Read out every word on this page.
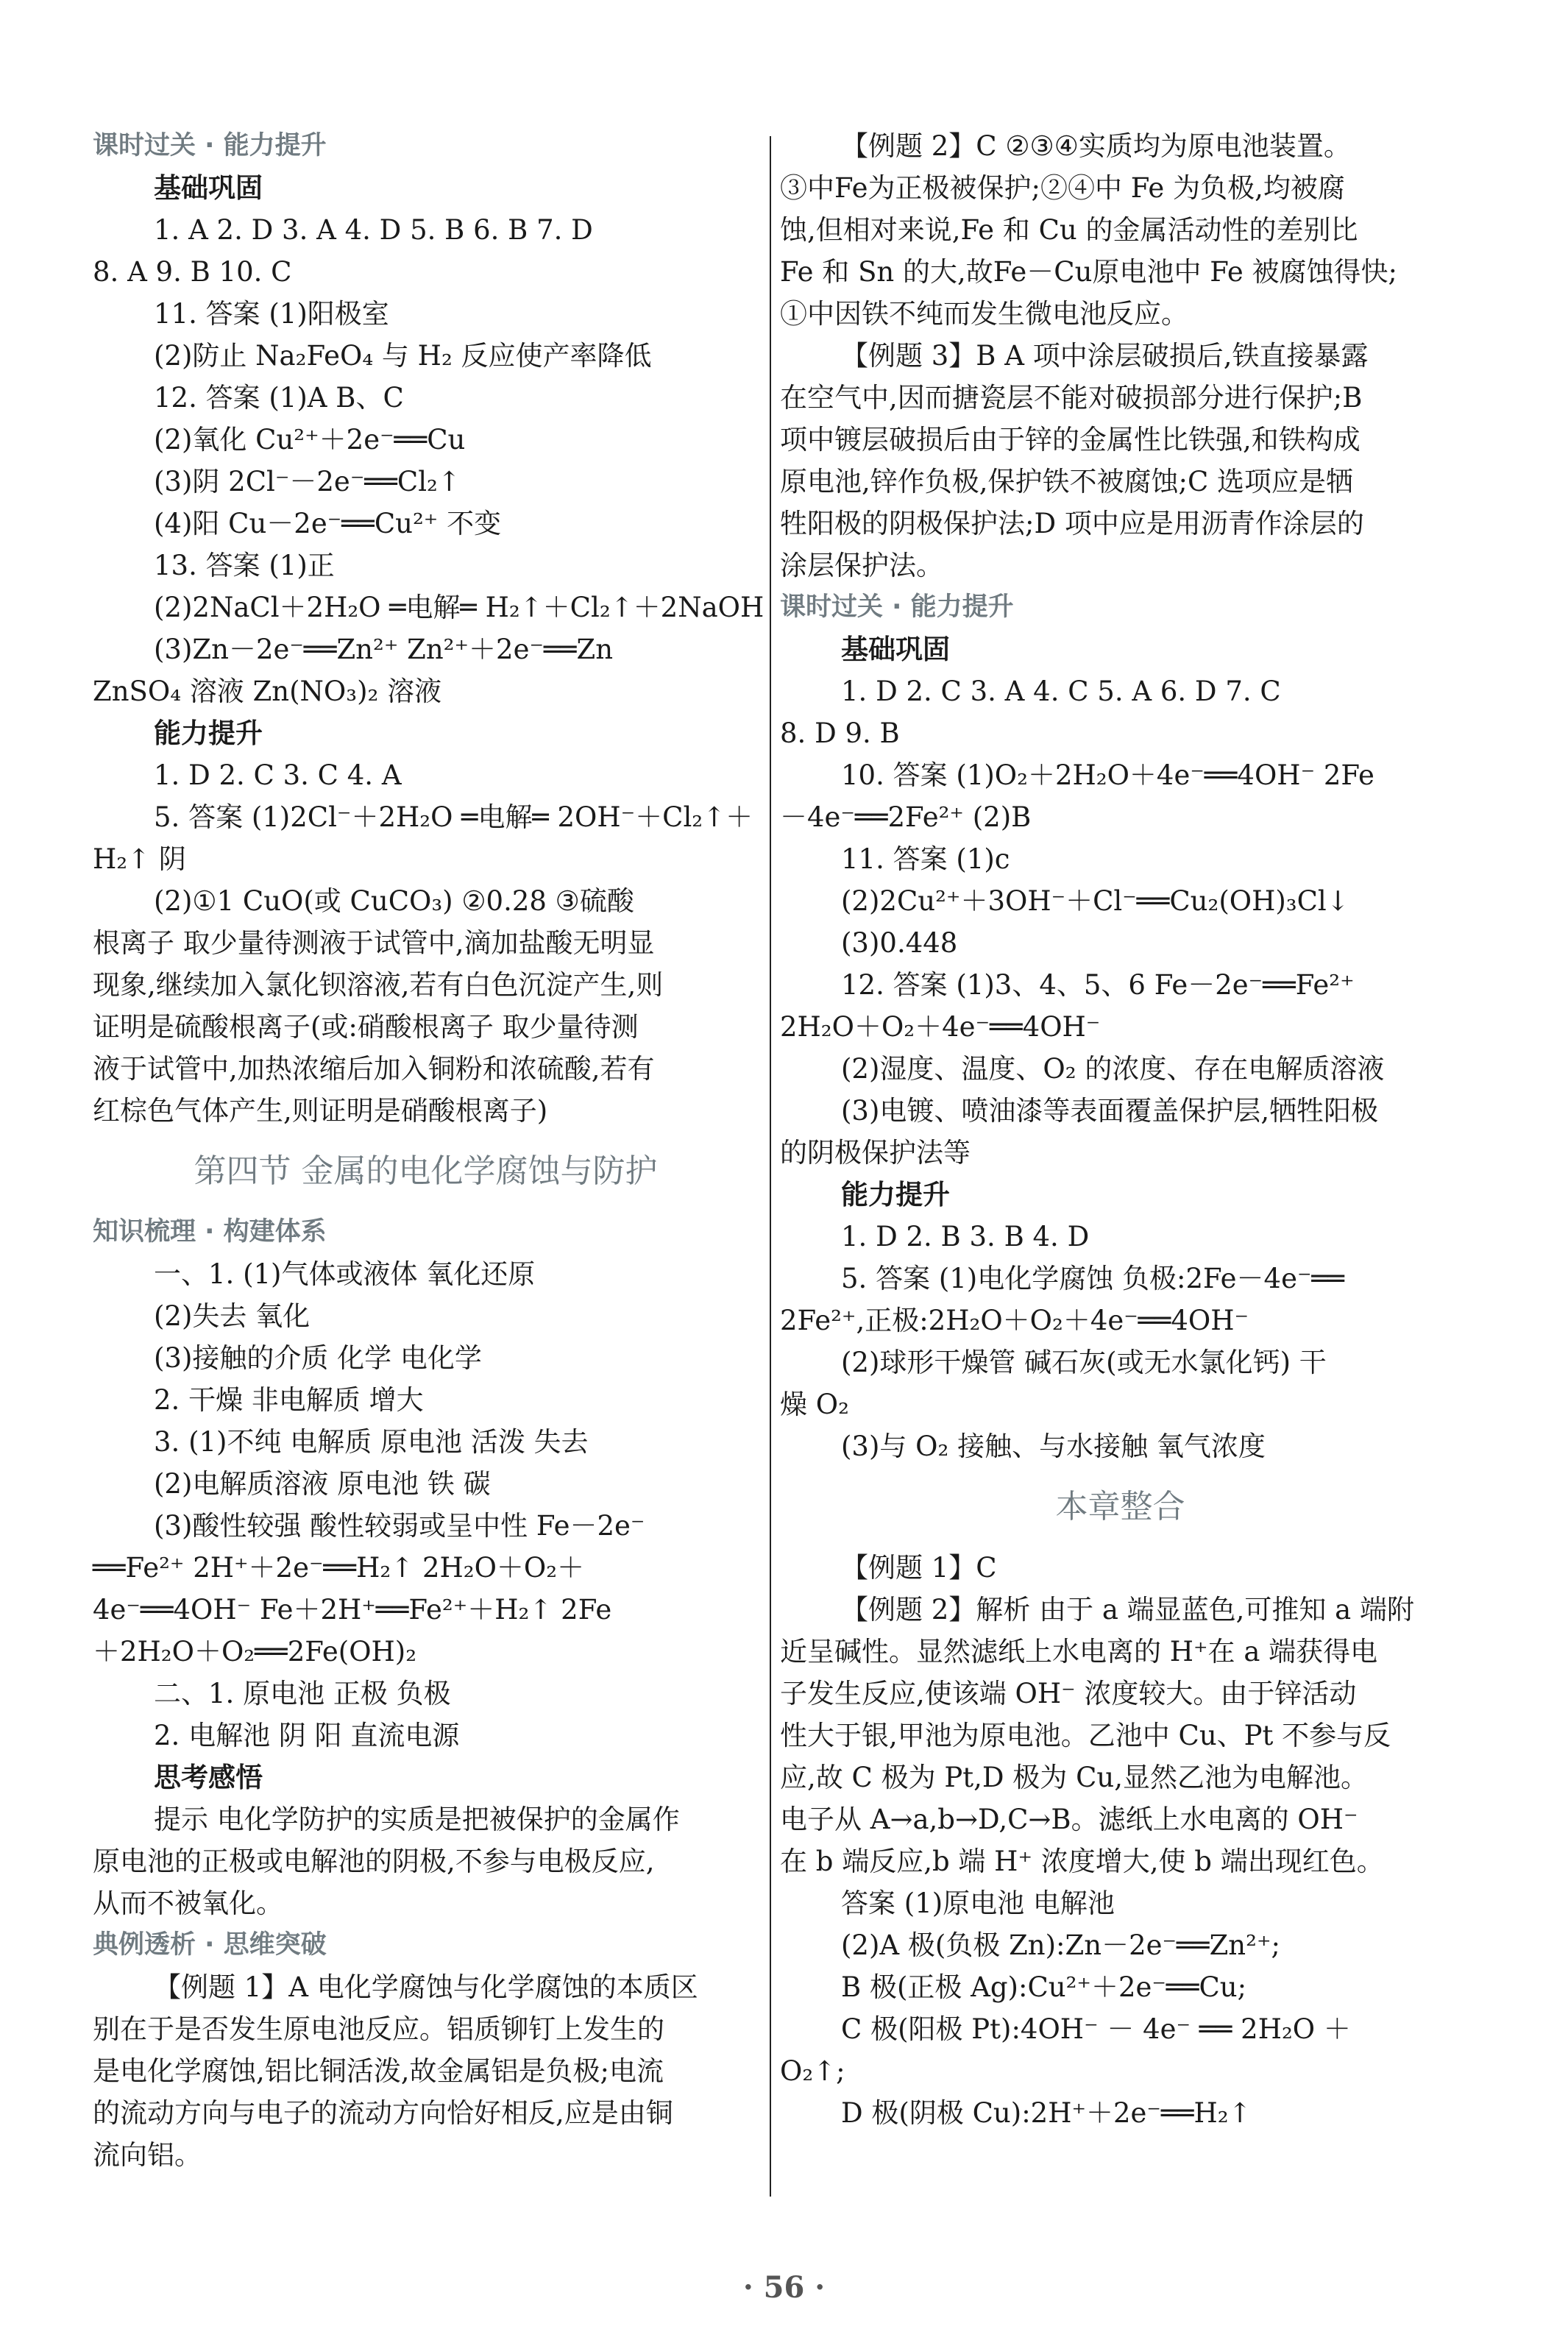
课时过关 · 能力提升
基础巩固
1. A 2. D 3. A 4. D 5. B 6. B 7. D
8. A 9. B 10. C
11. 答案 (1)阳极室
(2)防止 Na₂FeO₄ 与 H₂ 反应使产率降低
12. 答案 (1)A B、C
(2)氧化 Cu²⁺＋2e⁻══Cu
(3)阴 2Cl⁻－2e⁻══Cl₂↑
(4)阳 Cu－2e⁻══Cu²⁺ 不变
13. 答案 (1)正
(2)2NaCl＋2H₂O ═电解═ H₂↑＋Cl₂↑＋2NaOH
(3)Zn－2e⁻══Zn²⁺ Zn²⁺＋2e⁻══Zn
ZnSO₄ 溶液 Zn(NO₃)₂ 溶液
能力提升
1. D 2. C 3. C 4. A
5. 答案 (1)2Cl⁻＋2H₂O ═电解═ 2OH⁻＋Cl₂↑＋
H₂↑ 阴
(2)①1 CuO(或 CuCO₃) ②0.28 ③硫酸
根离子 取少量待测液于试管中,滴加盐酸无明显
现象,继续加入氯化钡溶液,若有白色沉淀产生,则
证明是硫酸根离子(或:硝酸根离子 取少量待测
液于试管中,加热浓缩后加入铜粉和浓硫酸,若有
红棕色气体产生,则证明是硝酸根离子)
第四节 金属的电化学腐蚀与防护
知识梳理 · 构建体系
一、1. (1)气体或液体 氧化还原
(2)失去 氧化
(3)接触的介质 化学 电化学
2. 干燥 非电解质 增大
3. (1)不纯 电解质 原电池 活泼 失去
(2)电解质溶液 原电池 铁 碳
(3)酸性较强 酸性较弱或呈中性 Fe－2e⁻
══Fe²⁺ 2H⁺＋2e⁻══H₂↑ 2H₂O＋O₂＋
4e⁻══4OH⁻ Fe＋2H⁺══Fe²⁺＋H₂↑ 2Fe
＋2H₂O＋O₂══2Fe(OH)₂
二、1. 原电池 正极 负极
2. 电解池 阴 阳 直流电源
思考感悟
提示 电化学防护的实质是把被保护的金属作
原电池的正极或电解池的阴极,不参与电极反应,
从而不被氧化。
典例透析 · 思维突破
【例题 1】A 电化学腐蚀与化学腐蚀的本质区
别在于是否发生原电池反应。铝质铆钉上发生的
是电化学腐蚀,铝比铜活泼,故金属铝是负极;电流
的流动方向与电子的流动方向恰好相反,应是由铜
流向铝。
【例题 2】C ②③④实质均为原电池装置。
③中Fe为正极被保护;②④中 Fe 为负极,均被腐
蚀,但相对来说,Fe 和 Cu 的金属活动性的差别比
Fe 和 Sn 的大,故Fe－Cu原电池中 Fe 被腐蚀得快;
①中因铁不纯而发生微电池反应。
【例题 3】B A 项中涂层破损后,铁直接暴露
在空气中,因而搪瓷层不能对破损部分进行保护;B
项中镀层破损后由于锌的金属性比铁强,和铁构成
原电池,锌作负极,保护铁不被腐蚀;C 选项应是牺
牲阳极的阴极保护法;D 项中应是用沥青作涂层的
涂层保护法。
课时过关 · 能力提升
基础巩固
1. D 2. C 3. A 4. C 5. A 6. D 7. C
8. D 9. B
10. 答案 (1)O₂＋2H₂O＋4e⁻══4OH⁻ 2Fe
－4e⁻══2Fe²⁺ (2)B
11. 答案 (1)c
(2)2Cu²⁺＋3OH⁻＋Cl⁻══Cu₂(OH)₃Cl↓
(3)0.448
12. 答案 (1)3、4、5、6 Fe－2e⁻══Fe²⁺
2H₂O＋O₂＋4e⁻══4OH⁻
(2)湿度、温度、O₂ 的浓度、存在电解质溶液
(3)电镀、喷油漆等表面覆盖保护层,牺牲阳极
的阴极保护法等
能力提升
1. D 2. B 3. B 4. D
5. 答案 (1)电化学腐蚀 负极:2Fe－4e⁻══
2Fe²⁺,正极:2H₂O＋O₂＋4e⁻══4OH⁻
(2)球形干燥管 碱石灰(或无水氯化钙) 干
燥 O₂
(3)与 O₂ 接触、与水接触 氧气浓度
本章整合
【例题 1】C
【例题 2】解析 由于 a 端显蓝色,可推知 a 端附
近呈碱性。显然滤纸上水电离的 H⁺在 a 端获得电
子发生反应,使该端 OH⁻ 浓度较大。由于锌活动
性大于银,甲池为原电池。乙池中 Cu、Pt 不参与反
应,故 C 极为 Pt,D 极为 Cu,显然乙池为电解池。
电子从 A→a,b→D,C→B。滤纸上水电离的 OH⁻
在 b 端反应,b 端 H⁺ 浓度增大,使 b 端出现红色。
答案 (1)原电池 电解池
(2)A 极(负极 Zn):Zn－2e⁻══Zn²⁺;
B 极(正极 Ag):Cu²⁺＋2e⁻══Cu;
C 极(阳极 Pt):4OH⁻ － 4e⁻ ══ 2H₂O ＋
O₂↑;
D 极(阴极 Cu):2H⁺＋2e⁻══H₂↑
· 56 ·
